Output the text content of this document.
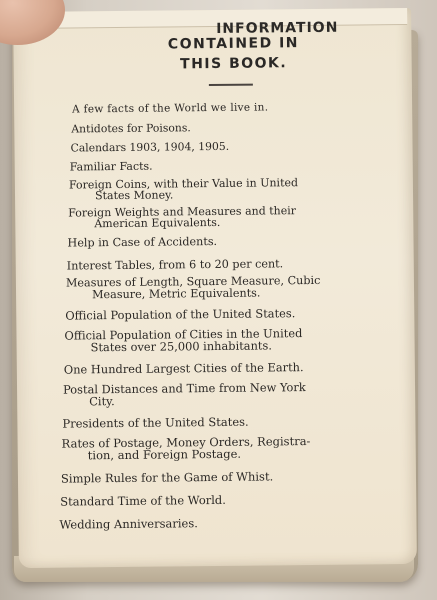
INFORMATION
CONTAINED IN
THIS BOOK.
A few facts of the World we live in.
Antidotes for Poisons.
Calendars 1903, 1904, 1905.
Familiar Facts.
Foreign Coins, with their Value in United
States Money.
Foreign Weights and Measures and their
American Equivalents.
Help in Case of Accidents.
Interest Tables, from 6 to 20 per cent.
Measures of Length, Square Measure, Cubic
Measure, Metric Equivalents.
Official Population of the United States.
Official Population of Cities in the United
States over 25,000 inhabitants.
One Hundred Largest Cities of the Earth.
Postal Distances and Time from New York
City.
Presidents of the United States.
Rates of Postage, Money Orders, Registra-
tion, and Foreign Postage.
Simple Rules for the Game of Whist.
Standard Time of the World.
Wedding Anniversaries.
